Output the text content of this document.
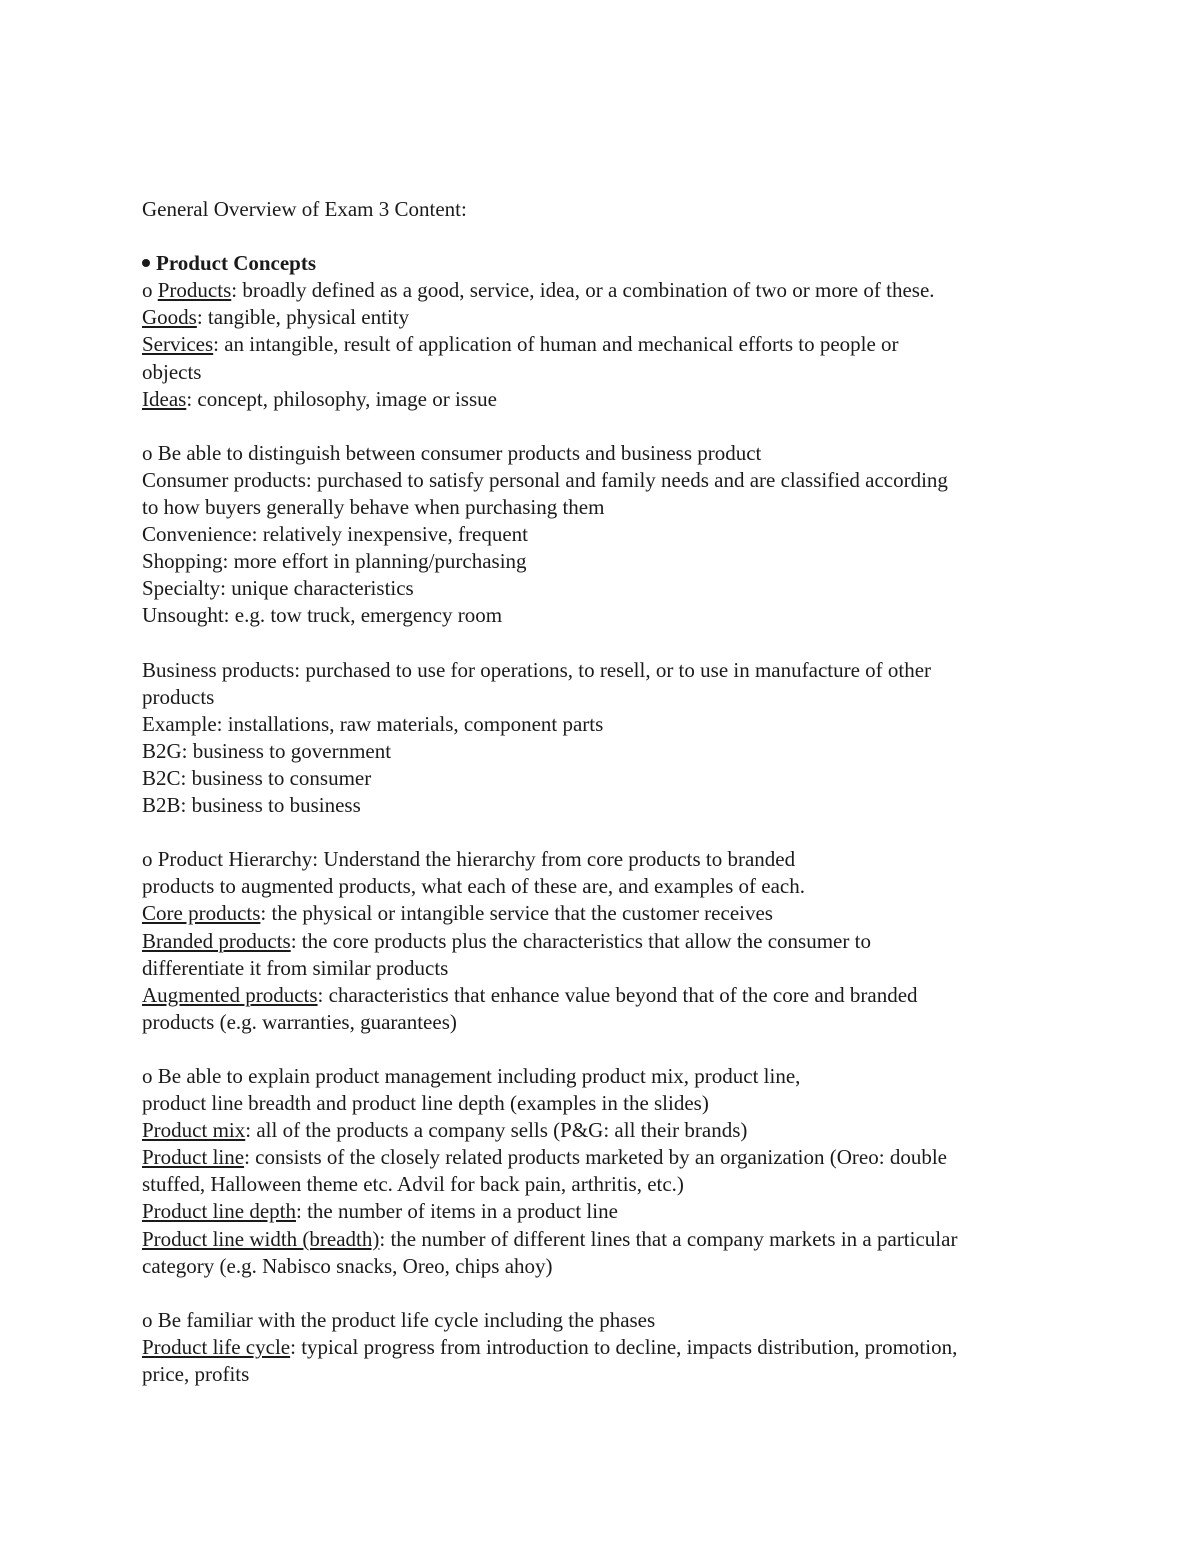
General Overview of Exam 3 Content:

Product Concepts

o Products: broadly defined as a good, service, idea, or a combination of two or more of these.

Goods: tangible, physical entity

Services: an intangible, result of application of human and mechanical efforts to people or

objects

Ideas: concept, philosophy, image or issue

o Be able to distinguish between consumer products and business product

Consumer products: purchased to satisfy personal and family needs and are classified according

to how buyers generally behave when purchasing them

Convenience: relatively inexpensive, frequent

Shopping: more effort in planning/purchasing

Specialty: unique characteristics

Unsought: e.g. tow truck, emergency room

Business products: purchased to use for operations, to resell, or to use in manufacture of other

products

Example: installations, raw materials, component parts

B2G: business to government

B2C: business to consumer

B2B: business to business

o Product Hierarchy: Understand the hierarchy from core products to branded

products to augmented products, what each of these are, and examples of each.

Core products: the physical or intangible service that the customer receives

Branded products: the core products plus the characteristics that allow the consumer to

differentiate it from similar products

Augmented products: characteristics that enhance value beyond that of the core and branded

products (e.g. warranties, guarantees)

o Be able to explain product management including product mix, product line,

product line breadth and product line depth (examples in the slides)

Product mix: all of the products a company sells (P&G: all their brands)

Product line: consists of the closely related products marketed by an organization (Oreo: double

stuffed, Halloween theme etc. Advil for back pain, arthritis, etc.)

Product line depth: the number of items in a product line

Product line width (breadth): the number of different lines that a company markets in a particular

category (e.g. Nabisco snacks, Oreo, chips ahoy)

o Be familiar with the product life cycle including the phases

Product life cycle: typical progress from introduction to decline, impacts distribution, promotion,

price, profits
